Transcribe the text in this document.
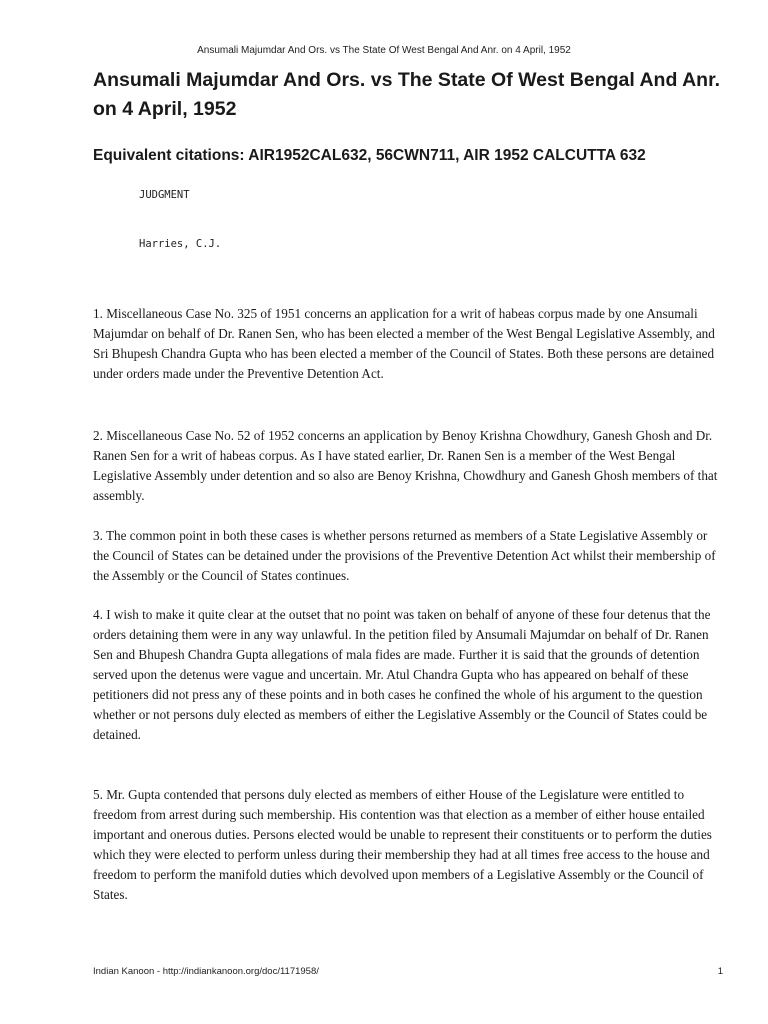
Ansumali Majumdar And Ors. vs The State Of West Bengal And Anr. on 4 April, 1952
Ansumali Majumdar And Ors. vs The State Of West Bengal And Anr. on 4 April, 1952
Equivalent citations: AIR1952CAL632, 56CWN711, AIR 1952 CALCUTTA 632
JUDGMENT
Harries, C.J.

1. Miscellaneous Case No. 325 of 1951 concerns an application for a writ of habeas corpus made by one Ansumali Majumdar on behalf of Dr. Ranen Sen, who has been elected a member of the West Bengal Legislative Assembly, and Sri Bhupesh Chandra Gupta who has been elected a member of the Council of States. Both these persons are detained under orders made under the Preventive Detention Act.

2. Miscellaneous Case No. 52 of 1952 concerns an application by Benoy Krishna Chowdhury, Ganesh Ghosh and Dr. Ranen Sen for a writ of habeas corpus. As I have stated earlier, Dr. Ranen Sen is a member of the West Bengal Legislative Assembly under detention and so also are Benoy Krishna, Chowdhury and Ganesh Ghosh members of that assembly.

3. The common point in both these cases is whether persons returned as members of a State Legislative Assembly or the Council of States can be detained under the provisions of the Preventive Detention Act whilst their membership of the Assembly or the Council of States continues.

4. I wish to make it quite clear at the outset that no point was taken on behalf of anyone of these four detenus that the orders detaining them were in any way unlawful. In the petition filed by Ansumali Majumdar on behalf of Dr. Ranen Sen and Bhupesh Chandra Gupta allegations of mala fides are made. Further it is said that the grounds of detention served upon the detenus were vague and uncertain. Mr. Atul Chandra Gupta who has appeared on behalf of these petitioners did not press any of these points and in both cases he confined the whole of his argument to the question whether or not persons duly elected as members of either the Legislative Assembly or the Council of States could be detained.

5. Mr. Gupta contended that persons duly elected as members of either House of the Legislature were entitled to freedom from arrest during such membership. His contention was that election as a member of either house entailed important and onerous duties. Persons elected would be unable to represent their constituents or to perform the duties which they were elected to perform unless during their membership they had at all times free access to the house and freedom to perform the manifold duties which devolved upon members of a Legislative Assembly or the Council of States.

Indian Kanoon - http://indiankanoon.org/doc/1171958/	1
